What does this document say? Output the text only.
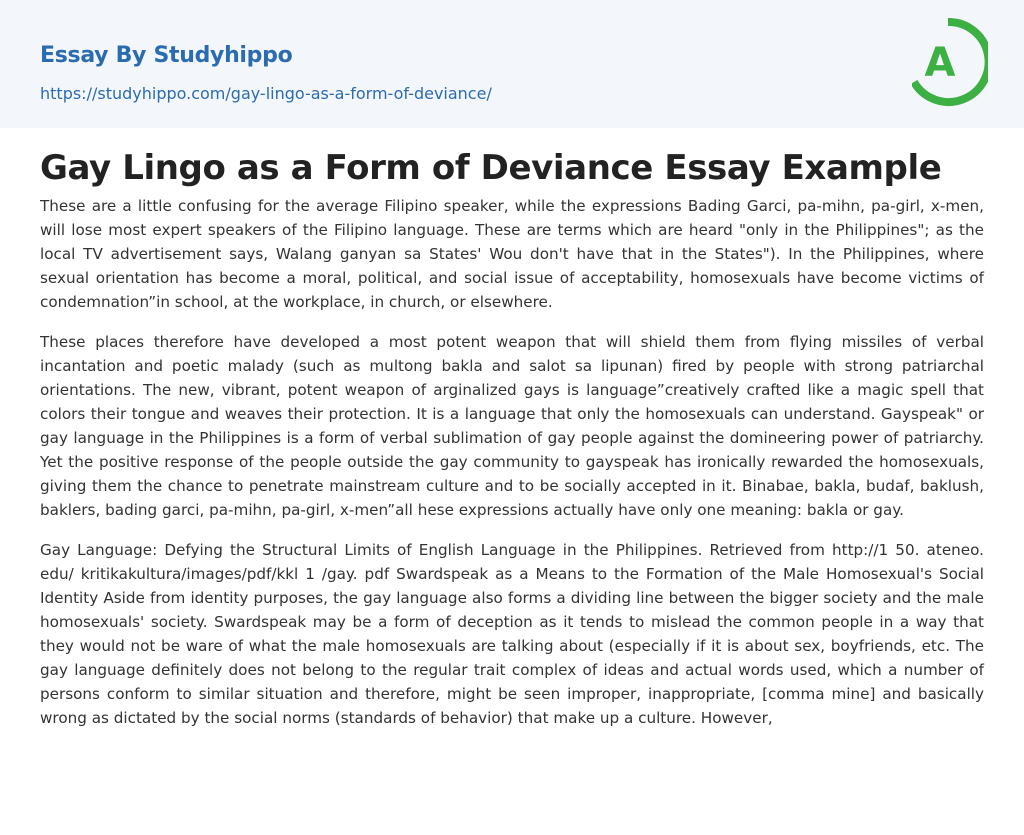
Essay By Studyhippo
https://studyhippo.com/gay-lingo-as-a-form-of-deviance/
A
Gay Lingo as a Form of Deviance Essay Example

These are a little confusing for the average Filipino speaker, while the expressions Bading Garci, pa-mihn, pa-girl, x-men, will lose most expert speakers of the Filipino language. These are terms which are heard "only in the Philippines"; as the local TV advertisement says, Walang ganyan sa States' Wou don't have that in the States"). In the Philippines, where sexual orientation has become a moral, political, and social issue of acceptability, homosexuals have become victims of condemnation”in school, at the workplace, in church, or elsewhere.

These places therefore have developed a most potent weapon that will shield them from flying missiles of verbal incantation and poetic malady (such as multong bakla and salot sa lipunan) fired by people with strong patriarchal orientations. The new, vibrant, potent weapon of arginalized gays is language”creatively crafted like a magic spell that colors their tongue and weaves their protection. It is a language that only the homosexuals can understand. Gayspeak" or gay language in the Philippines is a form of verbal sublimation of gay people against the domineering power of patriarchy. Yet the positive response of the people outside the gay community to gayspeak has ironically rewarded the homosexuals, giving them the chance to penetrate mainstream culture and to be socially accepted in it. Binabae, bakla, budaf, baklush, baklers, bading garci, pa-mihn, pa-girl, x-men”all hese expressions actually have only one meaning: bakla or gay.

Gay Language: Defying the Structural Limits of English Language in the Philippines. Retrieved from http://1 50. ateneo. edu/ kritikakultura/images/pdf/kkl 1 /gay. pdf Swardspeak as a Means to the Formation of the Male Homosexual's Social Identity Aside from identity purposes, the gay language also forms a dividing line between the bigger society and the male homosexuals' society. Swardspeak may be a form of deception as it tends to mislead the common people in a way that they would not be ware of what the male homosexuals are talking about (especially if it is about sex, boyfriends, etc. The gay language definitely does not belong to the regular trait complex of ideas and actual words used, which a number of persons conform to similar situation and therefore, might be seen improper, inappropriate, [comma mine] and basically wrong as dictated by the social norms (standards of behavior) that make up a culture. However,
